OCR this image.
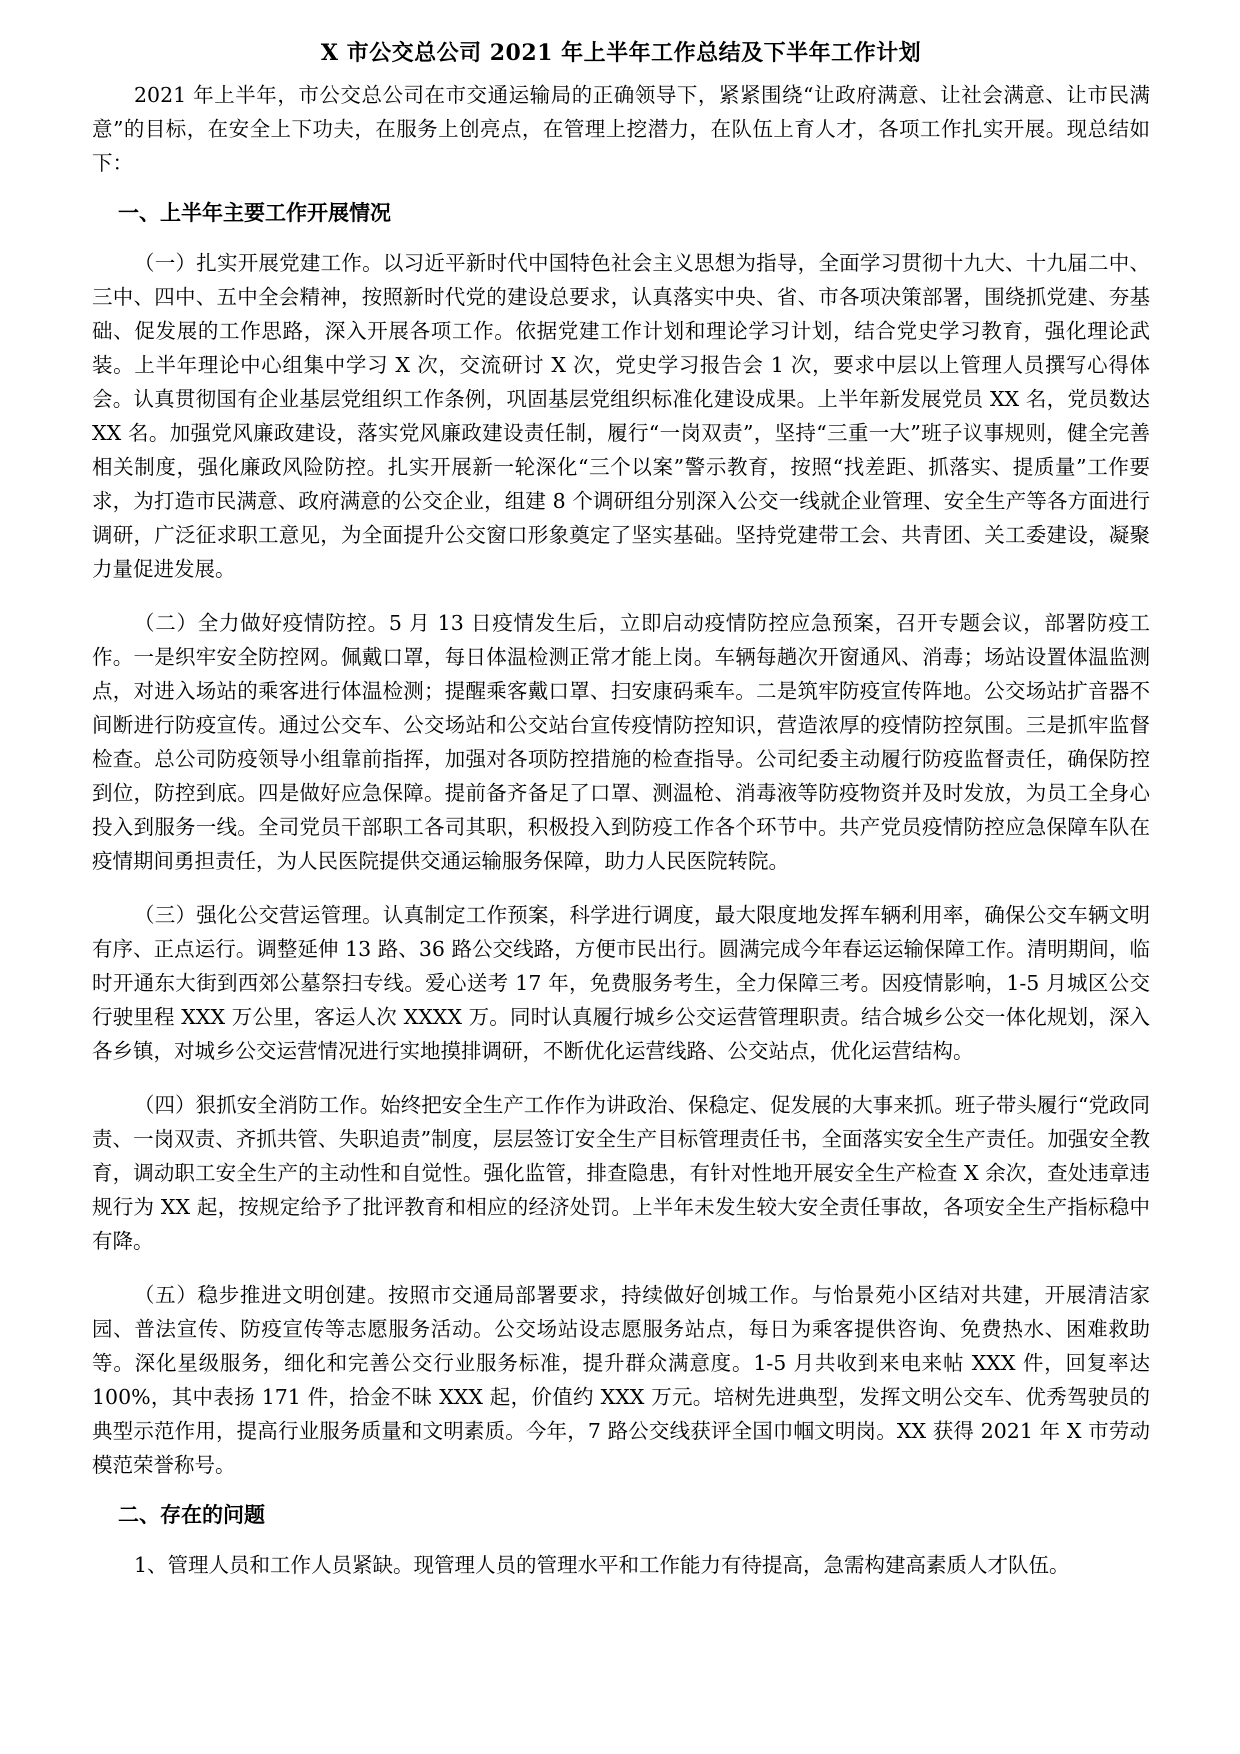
X 市公交总公司 2021 年上半年工作总结及下半年工作计划

2021 年上半年，市公交总公司在市交通运输局的正确领导下，紧紧围绕“让政府满意、让社会满意、让市民满意”的目标，在安全上下功夫，在服务上创亮点，在管理上挖潜力，在队伍上育人才，各项工作扎实开展。现总结如下：

一、上半年主要工作开展情况

（一）扎实开展党建工作。以习近平新时代中国特色社会主义思想为指导，全面学习贯彻十九大、十九届二中、三中、四中、五中全会精神，按照新时代党的建设总要求，认真落实中央、省、市各项决策部署，围绕抓党建、夯基础、促发展的工作思路，深入开展各项工作。依据党建工作计划和理论学习计划，结合党史学习教育，强化理论武装。上半年理论中心组集中学习 X 次，交流研讨 X 次，党史学习报告会 1 次，要求中层以上管理人员撰写心得体会。认真贯彻国有企业基层党组织工作条例，巩固基层党组织标准化建设成果。上半年新发展党员 XX 名，党员数达 XX 名。加强党风廉政建设，落实党风廉政建设责任制，履行“一岗双责”，坚持“三重一大”班子议事规则，健全完善相关制度，强化廉政风险防控。扎实开展新一轮深化“三个以案”警示教育，按照“找差距、抓落实、提质量”工作要求，为打造市民满意、政府满意的公交企业，组建 8 个调研组分别深入公交一线就企业管理、安全生产等各方面进行调研，广泛征求职工意见，为全面提升公交窗口形象奠定了坚实基础。坚持党建带工会、共青团、关工委建设，凝聚力量促进发展。

（二）全力做好疫情防控。5 月 13 日疫情发生后，立即启动疫情防控应急预案，召开专题会议，部署防疫工作。一是织牢安全防控网。佩戴口罩，每日体温检测正常才能上岗。车辆每趟次开窗通风、消毒；场站设置体温监测点，对进入场站的乘客进行体温检测；提醒乘客戴口罩、扫安康码乘车。二是筑牢防疫宣传阵地。公交场站扩音器不间断进行防疫宣传。通过公交车、公交场站和公交站台宣传疫情防控知识，营造浓厚的疫情防控氛围。三是抓牢监督检查。总公司防疫领导小组靠前指挥，加强对各项防控措施的检查指导。公司纪委主动履行防疫监督责任，确保防控到位，防控到底。四是做好应急保障。提前备齐备足了口罩、测温枪、消毒液等防疫物资并及时发放，为员工全身心投入到服务一线。全司党员干部职工各司其职，积极投入到防疫工作各个环节中。共产党员疫情防控应急保障车队在疫情期间勇担责任，为人民医院提供交通运输服务保障，助力人民医院转院。

（三）强化公交营运管理。认真制定工作预案，科学进行调度，最大限度地发挥车辆利用率，确保公交车辆文明有序、正点运行。调整延伸 13 路、36 路公交线路，方便市民出行。圆满完成今年春运运输保障工作。清明期间，临时开通东大街到西郊公墓祭扫专线。爱心送考 17 年，免费服务考生，全力保障三考。因疫情影响，1-5 月城区公交行驶里程 XXX 万公里，客运人次 XXXX 万。同时认真履行城乡公交运营管理职责。结合城乡公交一体化规划，深入各乡镇，对城乡公交运营情况进行实地摸排调研，不断优化运营线路、公交站点，优化运营结构。

（四）狠抓安全消防工作。始终把安全生产工作作为讲政治、保稳定、促发展的大事来抓。班子带头履行“党政同责、一岗双责、齐抓共管、失职追责”制度，层层签订安全生产目标管理责任书，全面落实安全生产责任。加强安全教育，调动职工安全生产的主动性和自觉性。强化监管，排查隐患，有针对性地开展安全生产检查 X 余次，查处违章违规行为 XX 起，按规定给予了批评教育和相应的经济处罚。上半年未发生较大安全责任事故，各项安全生产指标稳中有降。

（五）稳步推进文明创建。按照市交通局部署要求，持续做好创城工作。与怡景苑小区结对共建，开展清洁家园、普法宣传、防疫宣传等志愿服务活动。公交场站设志愿服务站点，每日为乘客提供咨询、免费热水、困难救助等。深化星级服务，细化和完善公交行业服务标准，提升群众满意度。1-5 月共收到来电来帖 XXX 件，回复率达 100%，其中表扬 171 件，拾金不昧 XXX 起，价值约 XXX 万元。培树先进典型，发挥文明公交车、优秀驾驶员的典型示范作用，提高行业服务质量和文明素质。今年，7 路公交线获评全国巾帼文明岗。XX 获得 2021 年 X 市劳动模范荣誉称号。

二、存在的问题

1、管理人员和工作人员紧缺。现管理人员的管理水平和工作能力有待提高，急需构建高素质人才队伍。
